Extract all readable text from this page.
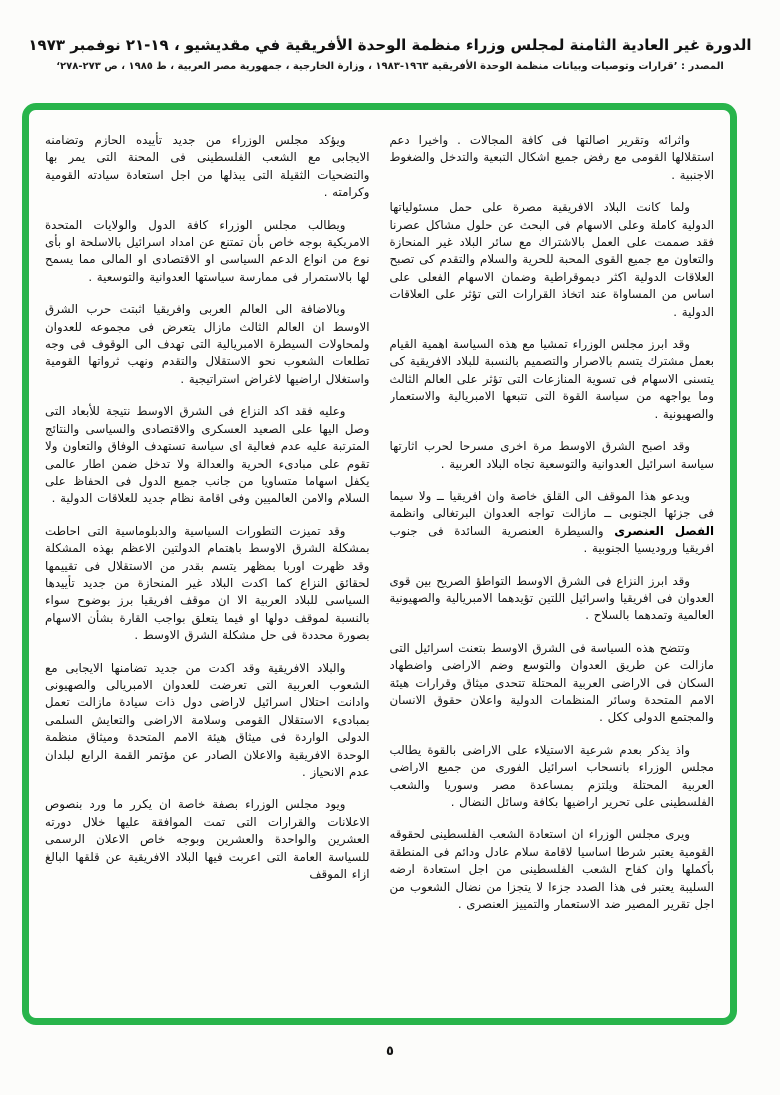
الدورة غير العادية الثامنة لمجلس وزراء منظمة الوحدة الأفريقية في مقديشيو ، ١٩-٢١ نوفمبر ١٩٧٣
المصدر : ’قرارات وتوصيات وبيانات منظمة الوحدة الأفريقية ١٩٦٣-١٩٨٣ ، وزارة الخارجية ، جمهورية مصر العربية ، ط ١٩٨٥ ، ص ٢٧٣-٢٧٨‘

واثرائه وتقرير اصالتها فى كافة المجالات . واخيرا دعم استقلالها القومى مع رفض جميع اشكال التبعية والتدخل والضغوط الاجنبية .

ولما كانت البلاد الافريقية مصرة على حمل مسئولياتها الدولية كاملة وعلى الاسهام فى البحث عن حلول مشاكل عصرنا فقد صممت على العمل بالاشتراك مع سائر البلاد غير المنحازة والتعاون مع جميع القوى المحبة للحرية والسلام والتقدم كى تصبح العلاقات الدولية اكثر ديموقراطية وضمان الاسهام الفعلى على اساس من المساواة عند اتخاذ القرارات التى تؤثر على العلاقات الدولية .

وقد ابرز مجلس الوزراء تمشيا مع هذه السياسة اهمية القيام بعمل مشترك يتسم بالاصرار والتصميم بالنسبة للبلاد الافريقية كى يتسنى الاسهام فى تسوية المنازعات التى تؤثر على العالم الثالث وما يواجهه من سياسة القوة التى تتبعها الامبريالية والاستعمار والصهيونية .

وقد اصبح الشرق الاوسط مرة اخرى مسرحا لحرب اثارتها سياسة اسرائيل العدوانية والتوسعية تجاه البلاد العربية .

ويدعو هذا الموقف الى القلق خاصة وان افريقيا ــ ولا سيما فى جزئها الجنوبى ــ مازالت تواجه العدوان البرتغالى وانظمة الفصل العنصرى والسيطرة العنصرية السائدة فى جنوب افريقيا وروديسيا الجنوبية .

وقد ابرز النزاع فى الشرق الاوسط التواطؤ الصريح بين قوى العدوان فى افريقيا واسرائيل اللتين تؤيدهما الامبريالية والصهيونية العالمية وتمدهما بالسلاح .

وتتضح هذه السياسة فى الشرق الاوسط بتعنت اسرائيل التى مازالت عن طريق العدوان والتوسع وضم الاراضى واضطهاد السكان فى الاراضى العربية المحتلة تتحدى ميثاق وقرارات هيئة الامم المتحدة وسائر المنظمات الدولية واعلان حقوق الانسان والمجتمع الدولى ككل .

واذ يذكر بعدم شرعية الاستيلاء على الاراضى بالقوة يطالب مجلس الوزراء بانسحاب اسرائيل الفورى من جميع الاراضى العربية المحتلة ويلتزم بمساعدة مصر وسوريا والشعب الفلسطينى على تحرير اراضيها بكافة وسائل النضال .

ويرى مجلس الوزراء ان استعادة الشعب الفلسطينى لحقوقه القومية يعتبر شرطا اساسيا لاقامة سلام عادل ودائم فى المنطقة بأكملها وان كفاح الشعب الفلسطينى من اجل استعادة ارضه السليبة يعتبر فى هذا الصدد جزءا لا يتجزا من نضال الشعوب من اجل تقرير المصير ضد الاستعمار والتمييز العنصرى .

ويؤكد مجلس الوزراء من جديد تأييده الحازم وتضامنه الايجابى مع الشعب الفلسطينى فى المحنة التى يمر بها والتضحيات الثقيلة التى يبذلها من اجل استعادة سيادته القومية وكرامته .

ويطالب مجلس الوزراء كافة الدول والولايات المتحدة الامريكية بوجه خاص بأن تمتنع عن امداد اسرائيل بالاسلحة او بأى نوع من انواع الدعم السياسى او الاقتصادى او المالى مما يسمح لها بالاستمرار فى ممارسة سياستها العدوانية والتوسعية .

وبالاضافة الى العالم العربى وافريقيا اثبتت حرب الشرق الاوسط ان العالم الثالث مازال يتعرض فى مجموعه للعدوان ولمحاولات السيطرة الامبريالية التى تهدف الى الوقوف فى وجه تطلعات الشعوب نحو الاستقلال والتقدم ونهب ثرواتها القومية واستغلال اراضيها لاغراض استراتيجية .

وعليه فقد اكد النزاع فى الشرق الاوسط نتيجة للأبعاد التى وصل اليها على الصعيد العسكرى والاقتصادى والسياسى والنتائج المترتبة عليه عدم فعالية اى سياسة تستهدف الوفاق والتعاون ولا تقوم على مبادىء الحرية والعدالة ولا تدخل ضمن اطار عالمى يكفل اسهاما متساويا من جانب جميع الدول فى الحفاظ على السلام والامن العالميين وفى اقامة نظام جديد للعلاقات الدولية .

وقد تميزت التطورات السياسية والدبلوماسية التى احاطت بمشكلة الشرق الاوسط باهتمام الدولتين الاعظم بهذه المشكلة وقد ظهرت اوربا بمظهر يتسم بقدر من الاستقلال فى تقييمها لحقائق النزاع كما اكدت البلاد غير المنحازة من جديد تأييدها السياسى للبلاد العربية الا ان موقف افريقيا برز بوضوح سواء بالنسبة لموقف دولها او فيما يتعلق بواجب القارة بشأن الاسهام بصورة محددة فى حل مشكلة الشرق الاوسط .

والبلاد الافريقية وقد اكدت من جديد تضامنها الايجابى مع الشعوب العربية التى تعرضت للعدوان الامبريالى والصهيونى وادانت احتلال اسرائيل لاراضى دول ذات سيادة مازالت تعمل بمبادىء الاستقلال القومى وسلامة الاراضى والتعايش السلمى الدولى الواردة فى ميثاق هيئة الامم المتحدة وميثاق منظمة الوحدة الافريقية والاعلان الصادر عن مؤتمر القمة الرابع لبلدان عدم الانحياز .

ويود مجلس الوزراء بصفة خاصة ان يكرر ما ورد بنصوص الاعلانات والقرارات التى تمت الموافقة عليها خلال دورته العشرين والواحدة والعشرين وبوجه خاص الاعلان الرسمى للسياسة العامة التى اعربت فيها البلاد الافريقية عن قلقها البالغ ازاء الموقف

٥
